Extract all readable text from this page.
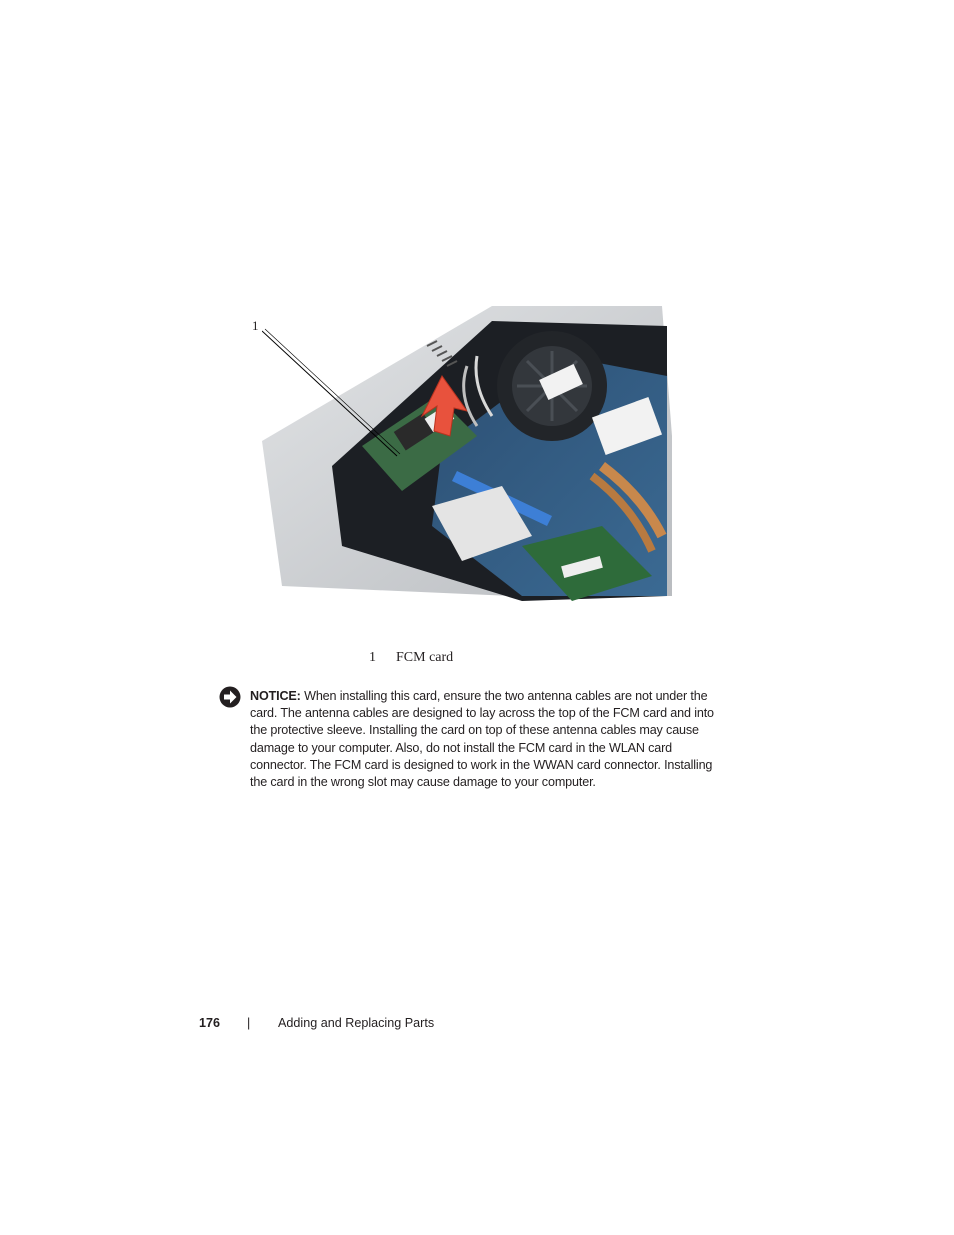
1
1 FCM card
NOTICE: When installing this card, ensure the two antenna cables are not under the card. The antenna cables are designed to lay across the top of the FCM card and into the protective sleeve. Installing the card on top of these antenna cables may cause damage to your computer. Also, do not install the FCM card in the WLAN card connector. The FCM card is designed to work in the WWAN card connector. Installing the card in the wrong slot may cause damage to your computer.
176 | Adding and Replacing Parts
